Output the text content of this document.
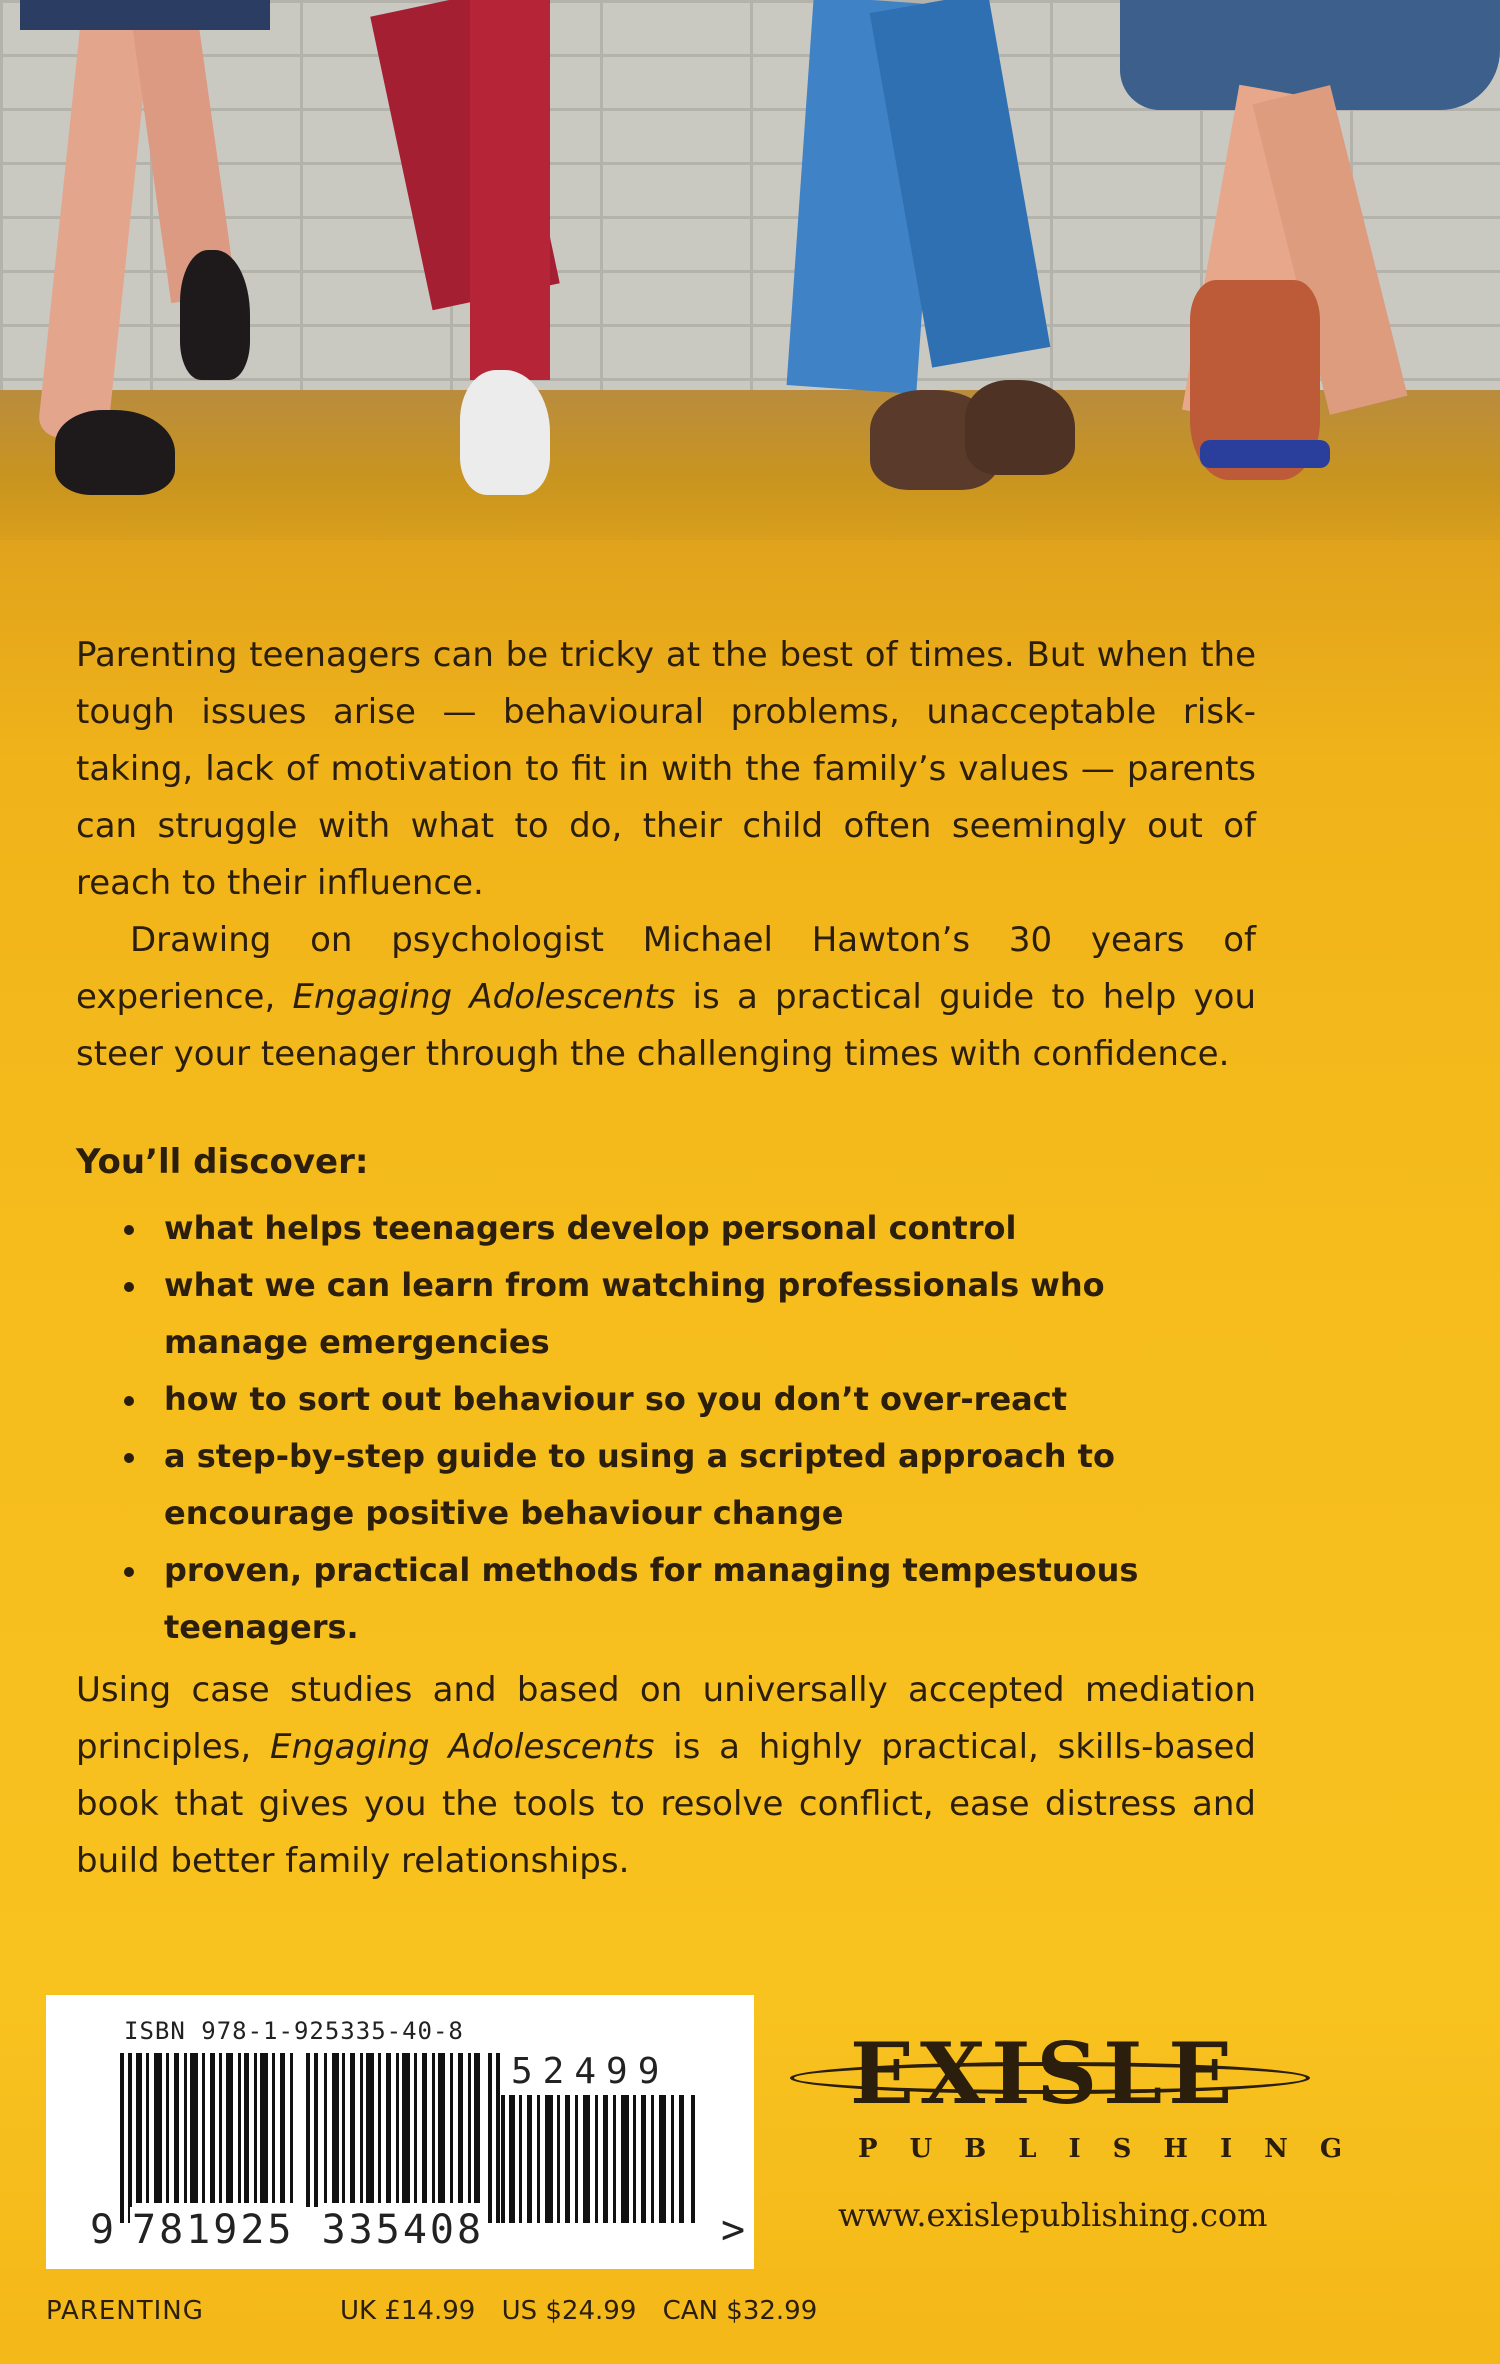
Parenting teenagers can be tricky at the best of times. But when the tough issues arise — behavioural problems, unacceptable risk-taking, lack of motivation to fit in with the family’s values — parents can struggle with what to do, their child often seemingly out of reach to their influence.
Drawing on psychologist Michael Hawton’s 30 years of experience, Engaging Adolescents is a practical guide to help you steer your teenager through the challenging times with confidence.
You’ll discover:
what helps teenagers develop personal control
what we can learn from watching professionals who manage emergencies
how to sort out behaviour so you don’t over-react
a step-by-step guide to using a scripted approach to encourage positive behaviour change
proven, practical methods for managing tempestuous teenagers.
Using case studies and based on universally accepted mediation principles, Engaging Adolescents is a highly practical, skills-based book that gives you the tools to resolve conflict, ease distress and build better family relationships.
ISBN 978-1-925335-40-8
52499
9 781925 335408	>
EXISLE
PUBLISHING
www.exislepublishing.com
PARENTING	UK £14.99 US $24.99 CAN $32.99
